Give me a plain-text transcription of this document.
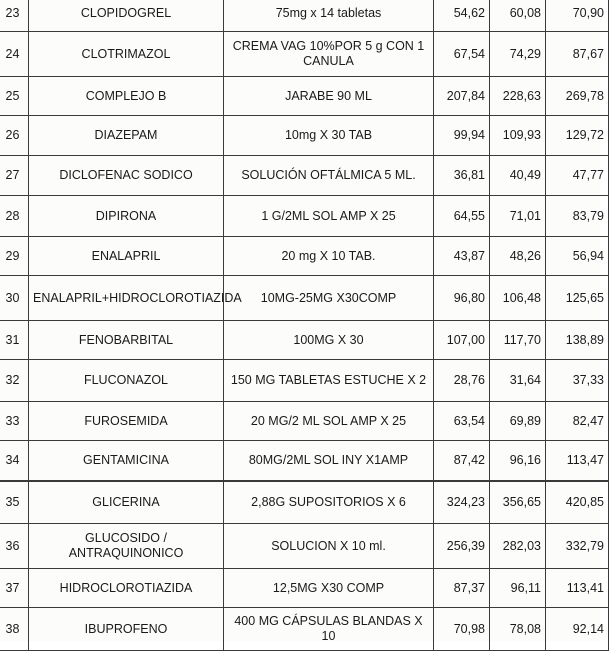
23	CLOPIDOGREL	75mg x 14 tabletas	54,62	60,08	70,90
24	CLOTRIMAZOL	CREMA VAG 10%POR 5 g CON 1 CANULA	67,54	74,29	87,67
25	COMPLEJO B	JARABE 90 ML	207,84	228,63	269,78
26	DIAZEPAM	10mg X 30 TAB	99,94	109,93	129,72
27	DICLOFENAC SODICO	SOLUCIÓN OFTÁLMICA 5 ML.	36,81	40,49	47,77
28	DIPIRONA	1 G/2ML SOL AMP X 25	64,55	71,01	83,79
29	ENALAPRIL	20 mg X 10 TAB.	43,87	48,26	56,94
30	ENALAPRIL+HIDROCLOROTIAZIDA	10MG-25MG X30COMP	96,80	106,48	125,65
31	FENOBARBITAL	100MG X 30	107,00	117,70	138,89
32	FLUCONAZOL	150 MG TABLETAS ESTUCHE X 2	28,76	31,64	37,33
33	FUROSEMIDA	20 MG/2 ML SOL AMP X 25	63,54	69,89	82,47
34	GENTAMICINA	80MG/2ML SOL INY X1AMP	87,42	96,16	113,47
35	GLICERINA	2,88G SUPOSITORIOS X 6	324,23	356,65	420,85
36	GLUCOSIDO / ANTRAQUINONICO	SOLUCION X 10 ml.	256,39	282,03	332,79
37	HIDROCLOROTIAZIDA	12,5MG X30 COMP	87,37	96,11	113,41
38	IBUPROFENO	400 MG CÁPSULAS BLANDAS X 10	70,98	78,08	92,14
